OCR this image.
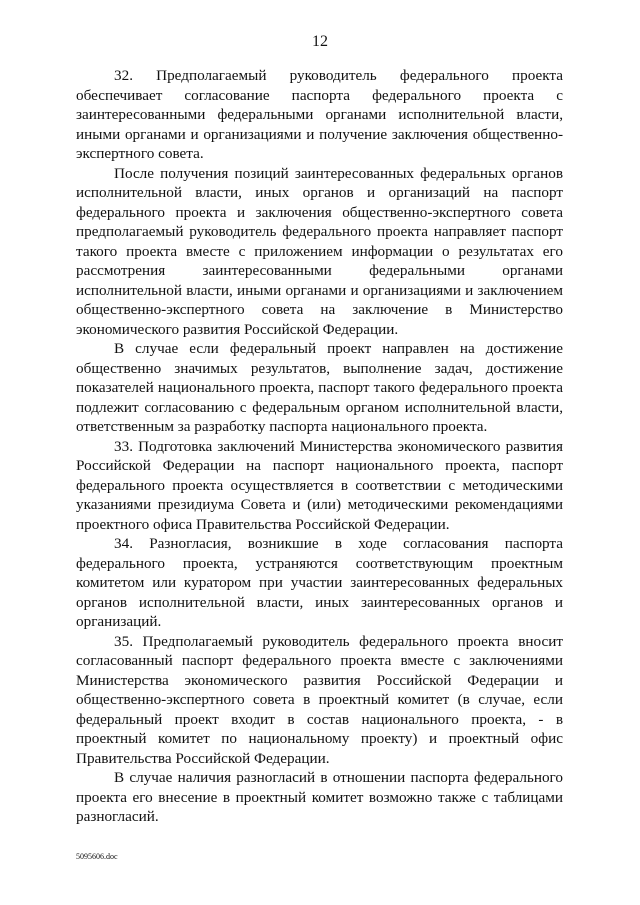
12

32. Предполагаемый руководитель федерального проекта обеспечивает согласование паспорта федерального проекта с заинтересованными федеральными органами исполнительной власти, иными органами и организациями и получение заключения общественно-экспертного совета.

После получения позиций заинтересованных федеральных органов исполнительной власти, иных органов и организаций на паспорт федерального проекта и заключения общественно-экспертного совета предполагаемый руководитель федерального проекта направляет паспорт такого проекта вместе с приложением информации о результатах его рассмотрения заинтересованными федеральными органами исполнительной власти, иными органами и организациями и заключением общественно-экспертного совета на заключение в Министерство экономического развития Российской Федерации.

В случае если федеральный проект направлен на достижение общественно значимых результатов, выполнение задач, достижение показателей национального проекта, паспорт такого федерального проекта подлежит согласованию с федеральным органом исполнительной власти, ответственным за разработку паспорта национального проекта.

33. Подготовка заключений Министерства экономического развития Российской Федерации на паспорт национального проекта, паспорт федерального проекта осуществляется в соответствии с методическими указаниями президиума Совета и (или) методическими рекомендациями проектного офиса Правительства Российской Федерации.

34. Разногласия, возникшие в ходе согласования паспорта федерального проекта, устраняются соответствующим проектным комитетом или куратором при участии заинтересованных федеральных органов исполнительной власти, иных заинтересованных органов и организаций.

35. Предполагаемый руководитель федерального проекта вносит согласованный паспорт федерального проекта вместе с заключениями Министерства экономического развития Российской Федерации и общественно-экспертного совета в проектный комитет (в случае, если федеральный проект входит в состав национального проекта, - в проектный комитет по национальному проекту) и проектный офис Правительства Российской Федерации.

В случае наличия разногласий в отношении паспорта федерального проекта его внесение в проектный комитет возможно также с таблицами разногласий.

5095606.doc
